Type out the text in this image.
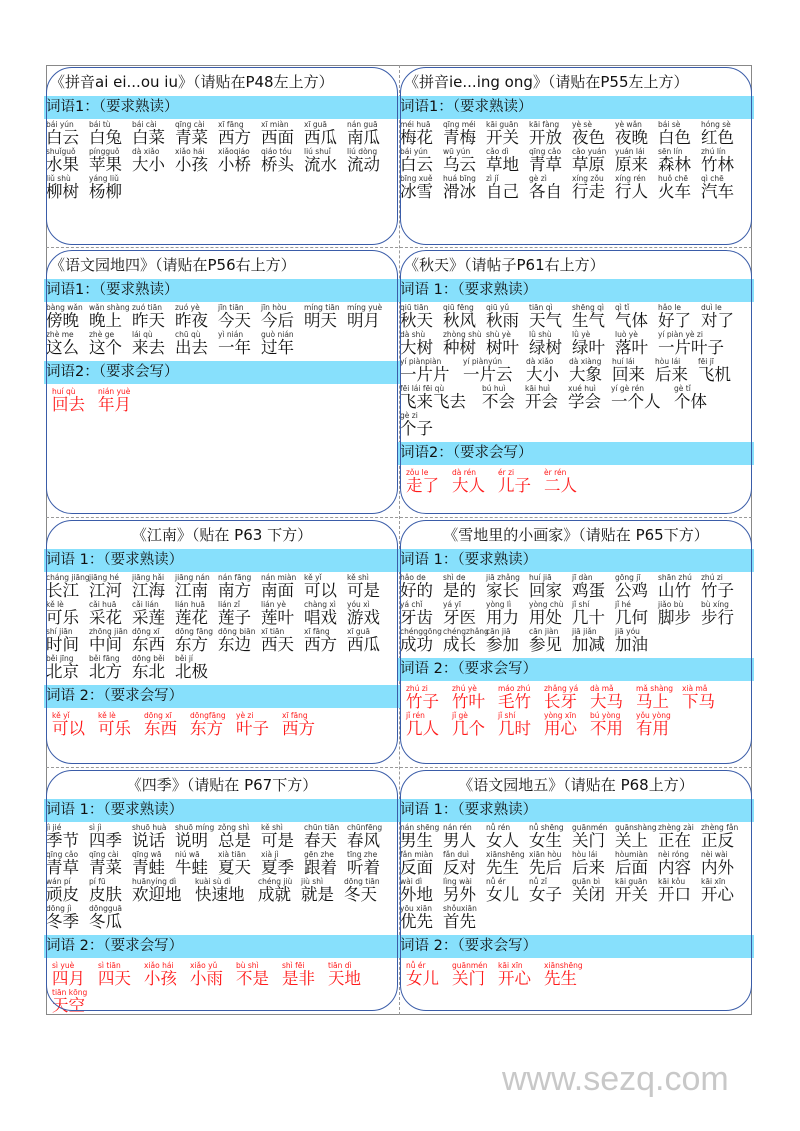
《拼音ai ei...ou iu》（请贴在P48左上方）
词语1：（要求熟读）
bái yún
白云
bái tù
白兔
bái cài
白菜
qīng cài
青菜
xī fāng
西方
xī miàn
西面
xī guā
西瓜
nán guā
南瓜
shuǐguǒ
水果
píngguǒ
苹果
dà xiǎo
大小
xiǎo hái
小孩
xiǎoqiáo
小桥
qiáo tóu
桥头
liú shuǐ
流水
liú dòng
流动
liǔ shù
柳树
yáng liǔ
杨柳
《拼音ie...ing ong》（请贴在P55左上方）
词语1：（要求熟读）
méi huā
梅花
qīng méi
青梅
kāi guān
开关
kāi fàng
开放
yè sè
夜色
yè wǎn
夜晚
bái sè
白色
hóng sè
红色
bái yún
白云
wū yún
乌云
cǎo dì
草地
qīng cǎo
青草
cǎo yuán
草原
yuán lái
原来
sēn lín
森林
zhú lín
竹林
bīng xuě
冰雪
huá bīng
滑冰
zì jǐ
自己
gè zì
各自
xíng zǒu
行走
xíng rén
行人
huǒ chē
火车
qì chē
汽车
《语文园地四》（请贴在P56右上方）
词语1：（要求熟读）
bàng wǎn
傍晚
wǎn shàng
晚上
zuó tiān
昨天
zuó yè
昨夜
jīn tiān
今天
jīn hòu
今后
míng tiān
明天
míng yuè
明月
zhè me
这么
zhè ge
这个
lái qù
来去
chū qù
出去
yì nián
一年
guò nián
过年
词语2：（要求会写）
huí qù
回去
nián yuè
年月
《秋天》（请帖子P61右上方）
词语 1：（要求熟读）
qiū tiān
秋天
qiū fēng
秋风
qiū yǔ
秋雨
tiān qì
天气
shēng qì
生气
qì tǐ
气体
hǎo le
好了
duì le
对了
dà shù
大树
zhòng shù
种树
shù yè
树叶
lǜ shù
绿树
lǜ yè
绿叶
luò yè
落叶
yí piàn yè zi
一片叶子
yí piànpiàn
一片片
yí piànyún
一片云
dà xiǎo
大小
dà xiàng
大象
huí lái
回来
hòu lái
后来
fēi jī
飞机
fēi lái fēi qù
飞来飞去
bú huì
不会
kāi huì
开会
xué huì
学会
yí gè rén
一个人
gè tǐ
个体
gè zi
个子
词语2：（要求会写）
zǒu le
走了
dà rén
大人
ér zi
儿子
èr rén
二人
《江南》（贴在 P63 下方）
词语 1：（要求熟读）
cháng jiāng
长江
jiāng hé
江河
jiāng hǎi
江海
jiāng nán
江南
nán fāng
南方
nán miàn
南面
kě yǐ
可以
kě shì
可是
kě lè
可乐
cǎi huā
采花
cǎi lián
采莲
lián huā
莲花
lián zǐ
莲子
lián yè
莲叶
chàng xì
唱戏
yóu xì
游戏
shí jiān
时间
zhōng jiān
中间
dōng xī
东西
dōng fāng
东方
dōng biān
东边
xī tiān
西天
xī fāng
西方
xī guā
西瓜
běi jīng
北京
běi fāng
北方
dōng běi
东北
běi jí
北极
词语 2：（要求会写）
kě yǐ
可以
kě lè
可乐
dōng xī
东西
dōngfāng
东方
yè zi
叶子
xī fāng
西方
《雪地里的小画家》（请贴在 P65下方）
词语 1：（要求熟读）
hǎo de
好的
shì de
是的
jiā zhǎng
家长
huí jiā
回家
jī dàn
鸡蛋
gōng jī
公鸡
shān zhú
山竹
zhú zi
竹子
yá chǐ
牙齿
yá yī
牙医
yòng lì
用力
yòng chù
用处
jǐ shí
几十
jǐ hé
几何
jiǎo bù
脚步
bù xíng
步行
chénggōng
成功
chéngzhǎng
成长
cān jiā
参加
cān jiàn
参见
jiā jiǎn
加减
jiā yóu
加油
词语 2：（要求会写）
zhú zi
竹子
zhú yè
竹叶
máo zhú
毛竹
zhǎng yá
长牙
dà mǎ
大马
mǎ shàng
马上
xià mǎ
下马
jǐ rén
几人
jǐ gè
几个
jǐ shí
几时
yòng xīn
用心
bú yòng
不用
yǒu yòng
有用
《四季》（请贴在 P67下方）
词语 1：（要求熟读）
jì jié
季节
sì jì
四季
shuō huà
说话
shuō míng
说明
zǒng shì
总是
kě shì
可是
chūn tiān
春天
chūnfēng
春风
qīng cǎo
青草
qīng cài
青菜
qīng wā
青蛙
niú wā
牛蛙
xià tiān
夏天
xià jì
夏季
gēn zhe
跟着
tīng zhe
听着
wán pí
顽皮
pí fū
皮肤
huānyíng dì
欢迎地
kuài sù dì
快速地
chéng jiù
成就
jiù shì
就是
dōng tiān
冬天
dōng jì
冬季
dōngguā
冬瓜
词语 2：（要求会写）
sì yuè
四月
sì tiān
四天
xiǎo hái
小孩
xiǎo yǔ
小雨
bù shì
不是
shì fēi
是非
tiān dì
天地
tiān kōng
天空
《语文园地五》（请贴在 P68上方）
词语 1：（要求熟读）
nán shēng
男生
nán rén
男人
nǚ rén
女人
nǚ shēng
女生
guānmén
关门
guānshàng
关上
zhèng zài
正在
zhèng fǎn
正反
fǎn miàn
反面
fǎn duì
反对
xiānshēng
先生
xiān hòu
先后
hòu lái
后来
hòumiàn
后面
nèi róng
内容
nèi wài
内外
wài dì
外地
lìng wài
另外
nǚ ér
女儿
nǚ zǐ
女子
guān bì
关闭
kāi guān
开关
kāi kǒu
开口
kāi xīn
开心
yōu xiān
优先
shǒuxiān
首先
词语 2：（要求会写）
nǚ ér
女儿
guānmén
关门
kāi xīn
开心
xiānshēng
先生
www.sezq.com
